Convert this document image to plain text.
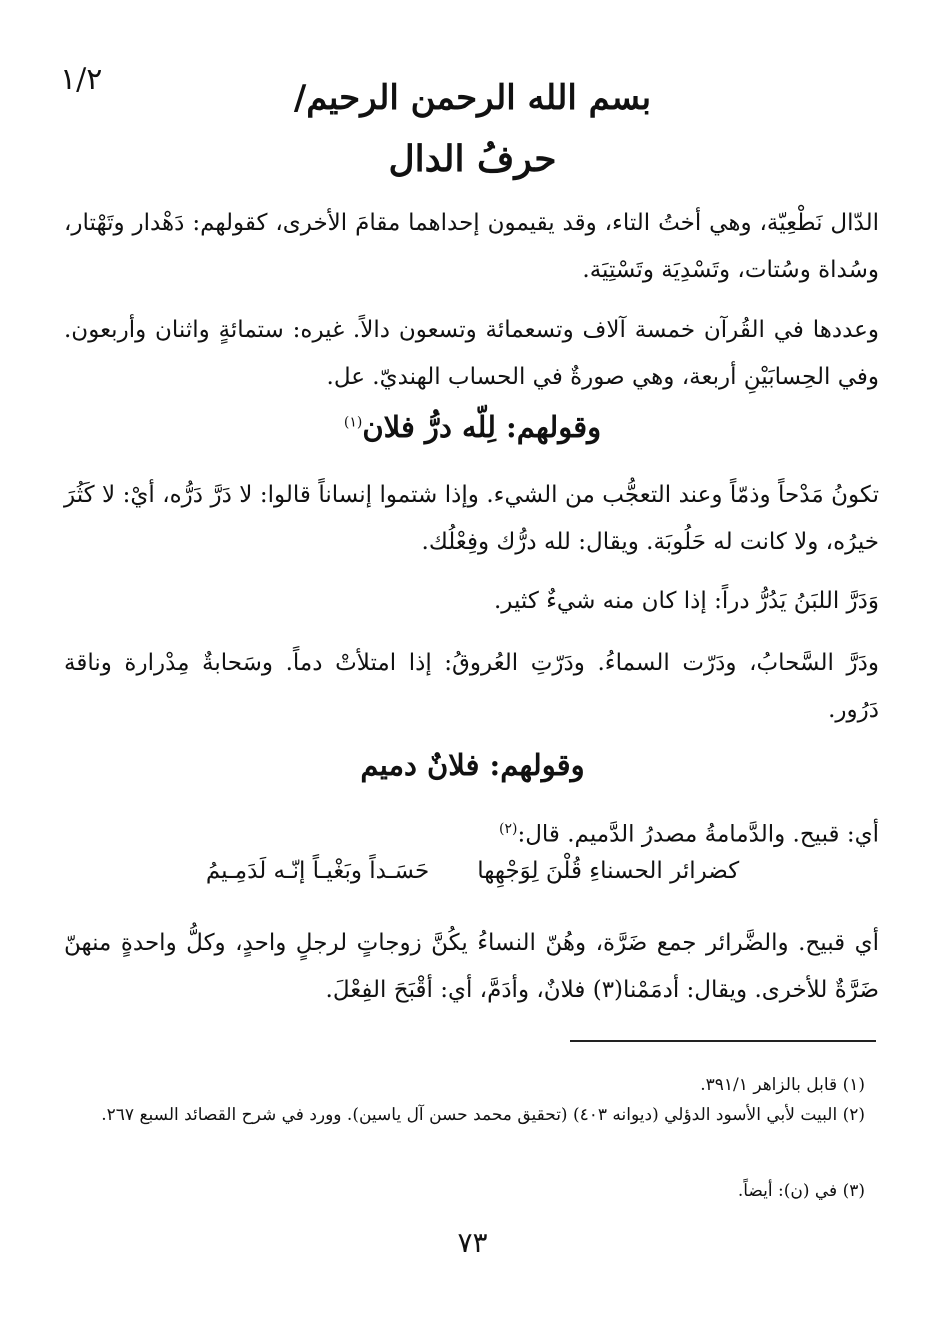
١/٢	بسم الله الرحمن الرحيم/
حرفُ الدال

الدّال نَطْعِيّة، وهي أختُ التاء، وقد يقيمون إحداهما مقامَ الأخرى، كقولهم: دَهْدار وتَهْتار، وسُداة وسُتات، وتَسْدِيَة وتَسْتِيَة.

وعددها في القُرآن خمسة آلاف وتسعمائة وتسعون دالاً. غيره: ستمائةٍ واثنان وأربعون. وفي الحِسابَيْنِ أربعة، وهي صورةٌ في الحساب الهنديّ. عل.

وقولهم: لِلّه درُّ فلان$^{(١)}$

تكونُ مَدْحاً وذمّاً وعند التعجُّب من الشيء. وإذا شتموا إنساناً قالوا: لا دَرَّ دَرُّه، أيْ: لا كَثُرَ خيرُه، ولا كانت له حَلُوبَة. ويقال: لله درُّك وفِعْلُك.

وَدَرَّ اللبَنُ يَدُرُّ دراً: إذا كان منه شيءٌ كثير.

ودَرَّ السَّحابُ، ودَرّت السماءُ. ودَرّتِ العُروقُ: إذا امتلأتْ دماً. وسَحابةٌ مِدْرارة وناقة دَرُور.

وقولهم: فلانٌ دميم

أي: قبيح. والدَّمامةُ مصدرُ الدَّميم. قال:$^{(٢)}$

كضرائر الحسناءِ قُلْنَ لِوَجْهِها
حَسَـداً وبَغْيـاً إنّـه لَدَمِـيمُ

أي قبيح. والضَّرائر جمع ضَرَّة، وهُنّ النساءُ يكُنَّ زوجاتٍ لرجلٍ واحدٍ، وكلُّ واحدةٍ منهنّ ضَرَّةٌ للأخرى. ويقال: أدمَمْنا(٣) فلانٌ، وأدَمَّ، أي: أقْبَحَ الفِعْلَ.

(١) قابل بالزاهر ٣٩١/١.
(٢) البيت لأبي الأسود الدؤلي (ديوانه ٤٠٣) (تحقيق محمد حسن آل ياسين). وورد في شرح القصائد السبع ٢٦٧.
(٣) في (ن): أيضاً.
٧٣
